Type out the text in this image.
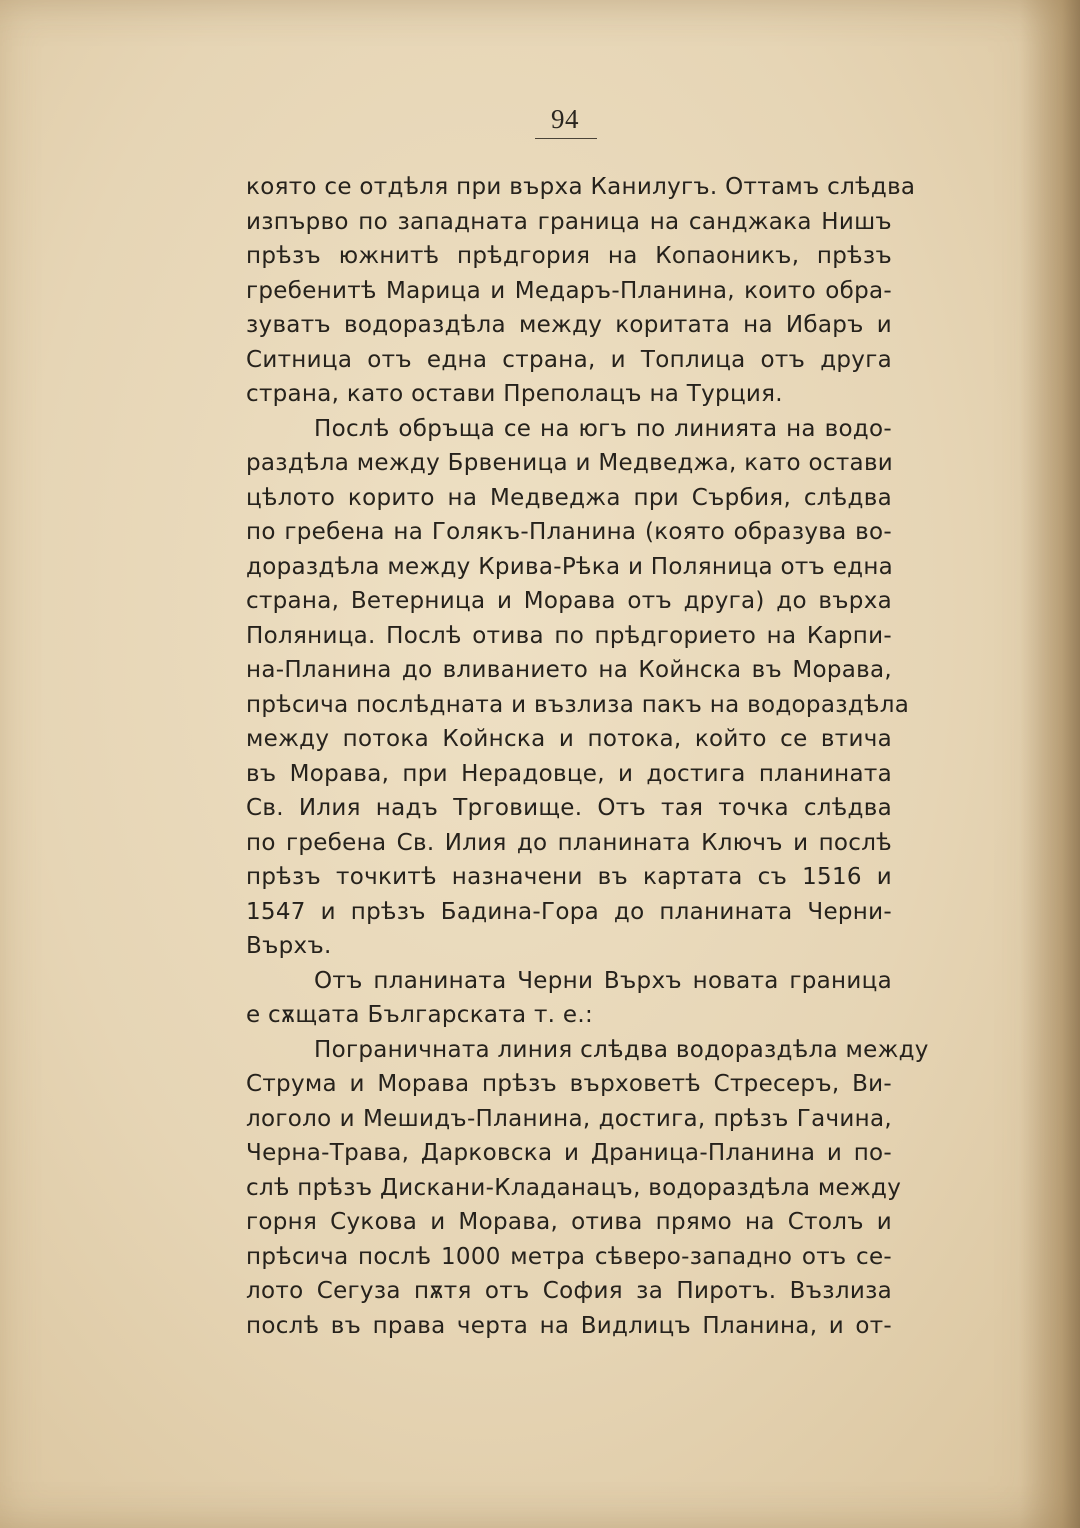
94
която се отдѣля при върха Канилугъ. Оттамъ слѣдва
изпърво по западната граница на санджака Нишъ
прѣзъ южнитѣ прѣдгория на Копаоникъ, прѣзъ
гребенитѣ Марица и Медаръ-Планина, които обра-
зуватъ водораздѣла между коритата на Ибаръ и
Ситница отъ една страна, и Топлица отъ друга
страна, като остави Преполацъ на Турция.
Послѣ обръща се на югъ по линията на водо-
раздѣла между Брвеница и Медведжа, като остави
цѣлото корито на Медведжа при Сърбия, слѣдва
по гребена на Голякъ-Планина (която образува во-
дораздѣла между Крива-Рѣка и Поляница отъ една
страна, Ветерница и Морава отъ друга) до върха
Поляница. Послѣ отива по прѣдгорието на Карпи-
на-Планина до вливанието на Койнска въ Морава,
прѣсича послѣдната и възлиза пакъ на водораздѣла
между потока Койнска и потока, който се втича
въ Морава, при Нерадовце, и достига планината
Св. Илия надъ Трговище. Отъ тая точка слѣдва
по гребена Св. Илия до планината Ключъ и послѣ
прѣзъ точкитѣ назначени въ картата съ 1516 и
1547 и прѣзъ Бадина-Гора до планината Черни-
Върхъ.
Отъ планината Черни Върхъ новата граница
е сѫщата Българската т. е.:
Пограничната линия слѣдва водораздѣла между
Струма и Морава прѣзъ върховетѣ Стресеръ, Ви-
логоло и Мешидъ-Планина, достига, прѣзъ Гачина,
Черна-Трава, Дарковска и Драница-Планина и по-
слѣ прѣзъ Дискани-Кладанацъ, водораздѣла между
горня Сукова и Морава, отива прямо на Столъ и
прѣсича послѣ 1000 метра сѣверо-западно отъ се-
лото Сегуза пѫтя отъ София за Пиротъ. Възлиза
послѣ въ права черта на Видлицъ Планина, и от-
